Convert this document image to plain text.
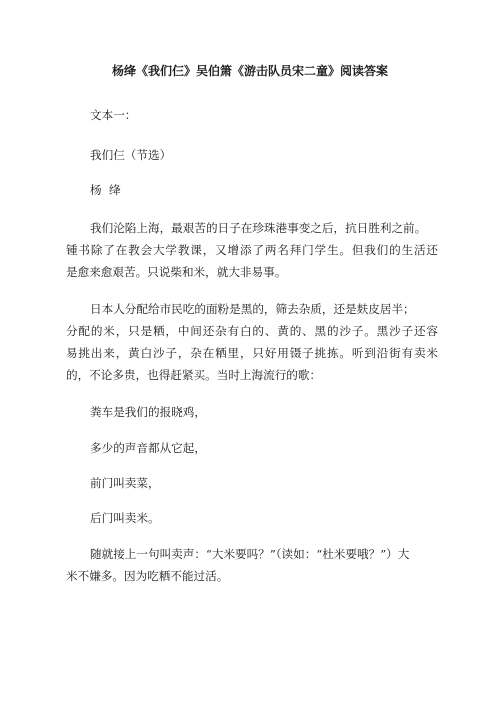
杨绛《我们仨》吴伯箫《游击队员宋二童》阅读答案
文本一：
我们仨（节选）
杨  绛
我们沦陷上海，最艰苦的日子在珍珠港事变之后，抗日胜利之前。
锺书除了在教会大学教课，又增添了两名拜门学生。但我们的生活还
是愈来愈艰苦。只说柴和米，就大非易事。
日本人分配给市民吃的面粉是黑的，筛去杂质，还是麸皮居半；
分配的米，只是粞，中间还杂有白的、黄的、黑的沙子。黑沙子还容
易挑出来，黄白沙子，杂在粞里，只好用镊子挑拣。听到沿街有卖米
的，不论多贵，也得赶紧买。当时上海流行的歌：
粪车是我们的报晓鸡，
多少的声音都从它起，
前门叫卖菜，
后门叫卖米。
随就接上一句叫卖声：“大米要吗？”（读如：“杜米要哦？”）大
米不嫌多。因为吃粞不能过活。
